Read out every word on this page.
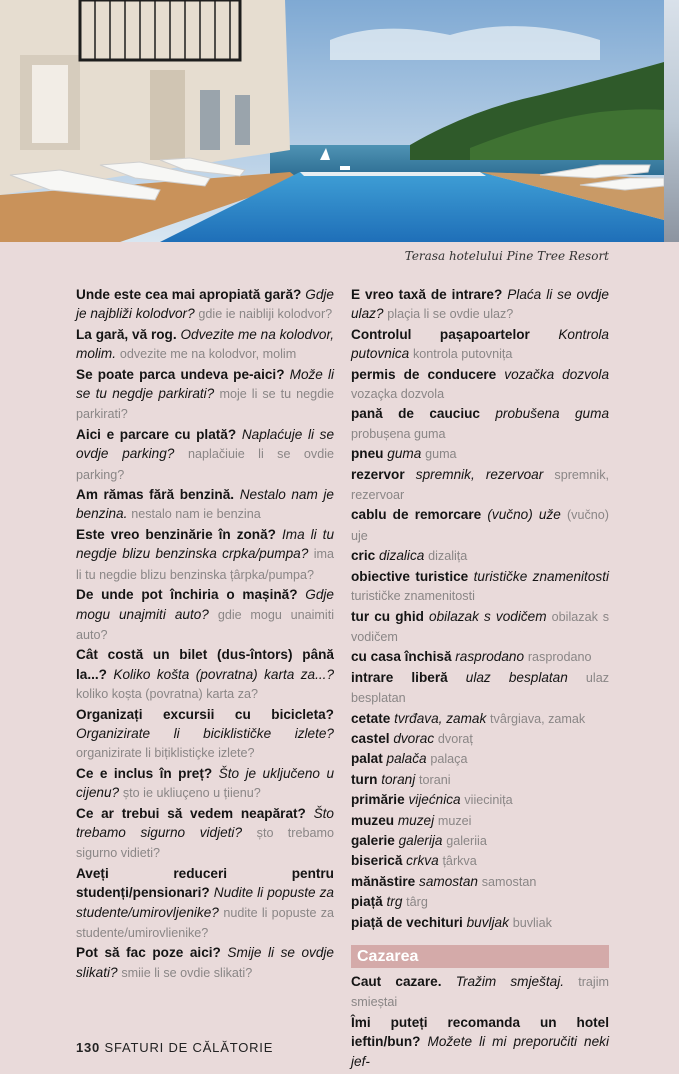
Terasa hotelului Pine Tree Resort

Unde este cea mai apropiată gară? Gdje je najbliži kolodvor? gdie ie naibliji kolodvor?

La gară, vă rog. Odvezite me na kolodvor, molim. odvezite me na kolodvor, molim

Se poate parca undeva pe-aici? Može li se tu negdje parkirati? moje li se tu negdie parkirati?

Aici e parcare cu plată? Naplaćuje li se ovdje parking? naplačiuie li se ovdie parking?

Am rămas fără benzină. Nestalo nam je benzina. nestalo nam ie benzina

Este vreo benzinărie în zonă? Ima li tu negdje blizu benzinska crpka/pumpa? ima li tu negdie blizu benzinska țârpka/pumpa?

De unde pot închiria o mașină? Gdje mogu unajmiti auto? gdie mogu unaimiti auto?

Cât costă un bilet (dus-întors) până la...? Koliko košta (povratna) karta za...? koliko koșta (povratna) karta za?

Organizați excursii cu bicicleta? Organizirate li biciklističke izlete? organizirate li bițiklistiçke izlete?

Ce e inclus în preț? Što je uključeno u cijenu? șto ie ukliuçeno u țiienu?

Ce ar trebui să vedem neapărat? Što trebamo sigurno vidjeti? șto trebamo sigurno vidieti?

Aveți reduceri pentru studenți/pensionari? Nudite li popuste za studente/umirovljenike? nudite li popuste za studente/umirovlienike?

Pot să fac poze aici? Smije li se ovdje slikati? smiie li se ovdie slikati?

E vreo taxă de intrare? Plaća li se ovdje ulaz? plaçia li se ovdie ulaz?

Controlul pașapoartelor Kontrola putovnica kontrola putovnița

permis de conducere vozačka dozvola vozaçka dozvola

pană de cauciuc probušena guma probușena guma

pneu guma guma

rezervor spremnik, rezervoar spremnik, rezervoar

cablu de remorcare (vučno) uže (vučno) uje

cric dizalica dizalița

obiective turistice turističke znamenitosti turističke znamenitosti

tur cu ghid obilazak s vodičem obilazak s vodičem

cu casa închisă rasprodano rasprodano

intrare liberă ulaz besplatan ulaz besplatan

cetate tvrđava, zamak tvârgiava, zamak

castel dvorac dvoraț

palat palača palaça

turn toranj torani

primărie vijećnica viiecinița

muzeu muzej muzei

galerie galerija galeriia

biserică crkva țârkva

mănăstire samostan samostan

piață trg târg

piață de vechituri buvljak buvliak

Cazarea

Caut cazare. Tražim smještaj. trajim smieștai

Îmi puteți recomanda un hotel ieftin/bun? Možete li mi preporučiti neki jef-

130 SFATURI DE CĂLĂTORIE
